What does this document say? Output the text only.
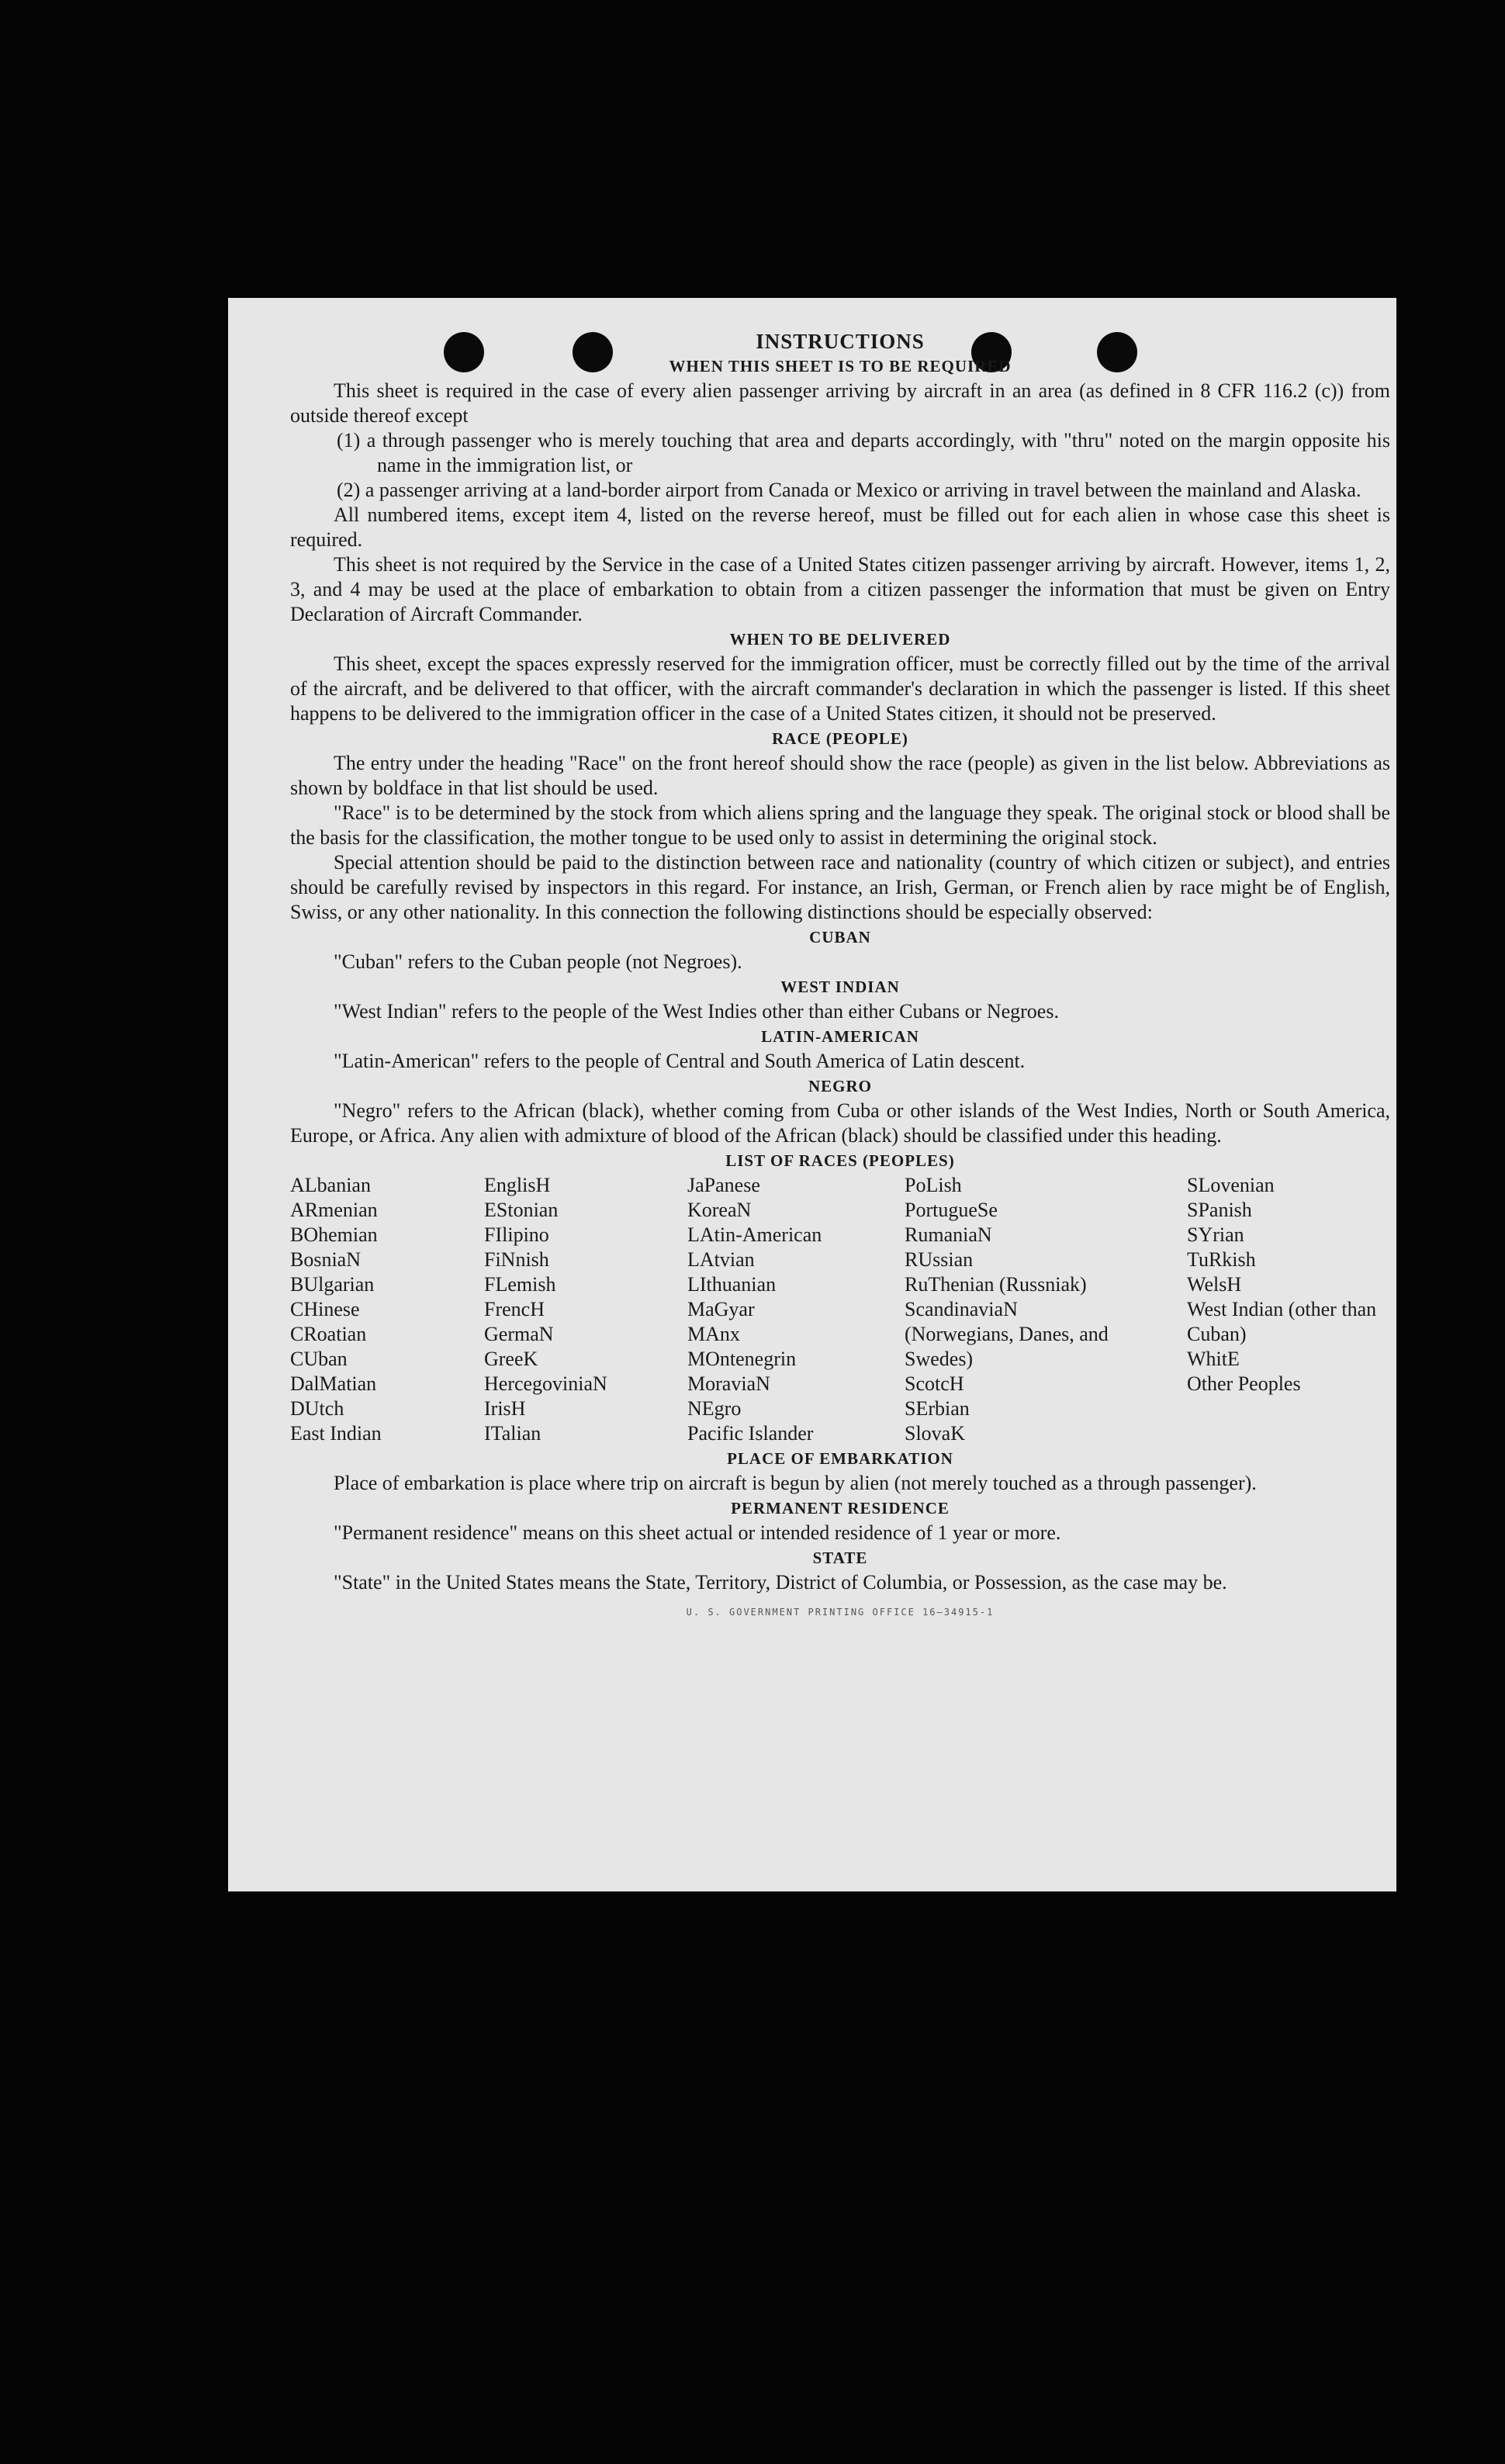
INSTRUCTIONS
WHEN THIS SHEET IS TO BE REQUIRED

This sheet is required in the case of every alien passenger arriving by aircraft in an area (as defined in 8 CFR 116.2 (c)) from outside thereof except

(1) a through passenger who is merely touching that area and departs accordingly, with "thru" noted on the margin opposite his name in the immigration list, or

(2) a passenger arriving at a land-border airport from Canada or Mexico or arriving in travel between the mainland and Alaska.

All numbered items, except item 4, listed on the reverse hereof, must be filled out for each alien in whose case this sheet is required.

This sheet is not required by the Service in the case of a United States citizen passenger arriving by aircraft. However, items 1, 2, 3, and 4 may be used at the place of embarkation to obtain from a citizen passenger the information that must be given on Entry Declaration of Aircraft Commander.

WHEN TO BE DELIVERED

This sheet, except the spaces expressly reserved for the immigration officer, must be correctly filled out by the time of the arrival of the aircraft, and be delivered to that officer, with the aircraft commander's declaration in which the passenger is listed. If this sheet happens to be delivered to the immigration officer in the case of a United States citizen, it should not be preserved.

RACE (PEOPLE)

The entry under the heading "Race" on the front hereof should show the race (people) as given in the list below. Abbreviations as shown by boldface in that list should be used.

"Race" is to be determined by the stock from which aliens spring and the language they speak. The original stock or blood shall be the basis for the classification, the mother tongue to be used only to assist in determining the original stock.

Special attention should be paid to the distinction between race and nationality (country of which citizen or subject), and entries should be carefully revised by inspectors in this regard. For instance, an Irish, German, or French alien by race might be of English, Swiss, or any other nationality. In this connection the following distinctions should be especially observed:

CUBAN

"Cuban" refers to the Cuban people (not Negroes).

WEST INDIAN

"West Indian" refers to the people of the West Indies other than either Cubans or Negroes.

LATIN-AMERICAN

"Latin-American" refers to the people of Central and South America of Latin descent.

NEGRO

"Negro" refers to the African (black), whether coming from Cuba or other islands of the West Indies, North or South America, Europe, or Africa. Any alien with admixture of blood of the African (black) should be classified under this heading.

LIST OF RACES (PEOPLES)
ALbanian
ARmenian
BOhemian
BosniaN
BUlgarian
CHinese
CRoatian
CUban
DalMatian
DUtch
East Indian
EnglisH
EStonian
FIlipino
FiNnish
FLemish
FrencH
GermaN
GreeK
HercegoviniaN
IrisH
ITalian
JaPanese
KoreaN
LAtin-American
LAtvian
LIthuanian
MaGyar
MAnx
MOntenegrin
MoraviaN
NEgro
Pacific Islander
PoLish
PortugueSe
RumaniaN
RUssian
RuThenian (Russniak)
ScandinaviaN (Norwegians, Danes, and Swedes)
ScotcH
SErbian
SlovaK
SLovenian
SPanish
SYrian
TuRkish
WelsH
West Indian (other than Cuban)
WhitE
Other Peoples
PLACE OF EMBARKATION

Place of embarkation is place where trip on aircraft is begun by alien (not merely touched as a through passenger).

PERMANENT RESIDENCE

"Permanent residence" means on this sheet actual or intended residence of 1 year or more.

STATE

"State" in the United States means the State, Territory, District of Columbia, or Possession, as the case may be.

U. S. GOVERNMENT PRINTING OFFICE 16—34915-1
